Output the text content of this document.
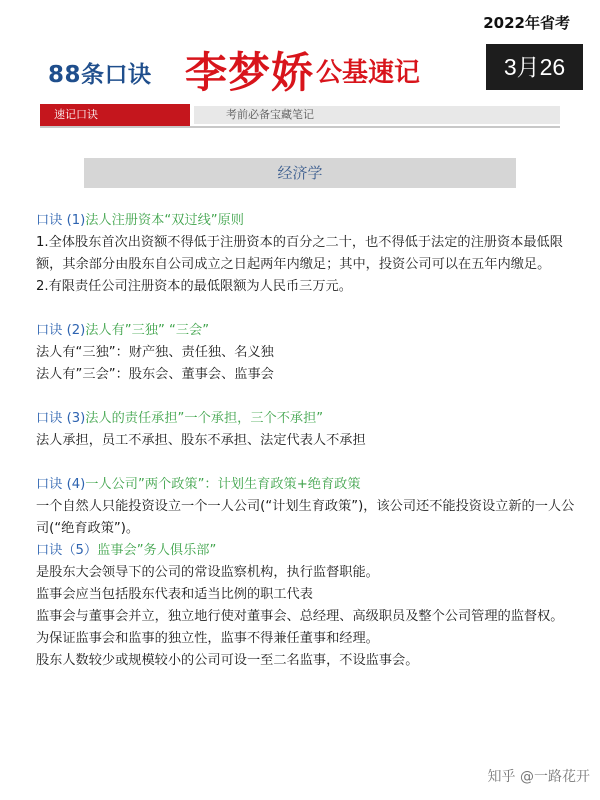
2022年省考
88条口诀 李梦娇 公基速记	3月26
速记口诀	考前必备宝藏笔记
经济学

口诀 (1)法人注册资本“双过线”原则

1.全体股东首次出资额不得低于注册资本的百分之二十，也不得低于法定的注册资本最低限额，其余部分由股东自公司成立之日起两年内缴足；其中，投资公司可以在五年内缴足。

2.有限责任公司注册资本的最低限额为人民币三万元。

口诀 (2)法人有”三独” “三会”

法人有“三独”：财产独、责任独、名义独

法人有”三会”：股东会、董事会、监事会

口诀 (3)法人的责任承担”一个承担，三个不承担”

法人承担，员工不承担、股东不承担、法定代表人不承担

口诀 (4)一人公司”两个政策”：计划生育政策+绝育政策

一个自然人只能投资设立一个一人公司(“计划生育政策”)，该公司还不能投资设立新的一人公司(“绝育政策”)。

口诀（5）监事会”务人俱乐部”

是股东大会领导下的公司的常设监察机构，执行监督职能。

监事会应当包括股东代表和适当比例的职工代表

监事会与董事会并立，独立地行使对董事会、总经理、高级职员及整个公司管理的监督权。为保证监事会和监事的独立性，监事不得兼任董事和经理。

股东人数较少或规模较小的公司可设一至二名监事，不设监事会。

知乎 @一路花开
